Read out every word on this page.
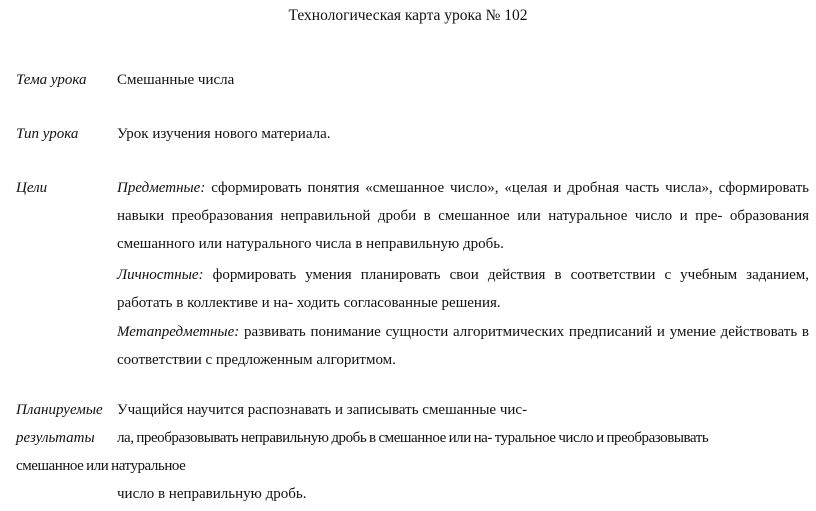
Технологическая карта урока № 102
Тема урока Смешанные числа
Тип урока	Урок изучения нового материала.
Цели	Предметные: сформировать понятия «смешанное число», «целая и дробная часть числа», сформировать навыки преобразования неправильной дроби в смешанное или натуральное число и пре- образования смешанного или натурального числа в неправильную дробь.
Личностные: формировать умения планировать свои действия в соответствии с учебным заданием, работать в коллективе и на- ходить согласованные решения.
Метапредметные: развивать понимание сущности алгоритмических предписаний и умение действовать в соответствии с предложенным алгоритмом.
Планируемые Учащийся научится распознавать и записывать смешанные чис-
результаты ла, преобразовывать неправильную дробь в смешанное или на- туральное число и преобразовывать
смешанное или натуральное
число в неправильную дробь.
